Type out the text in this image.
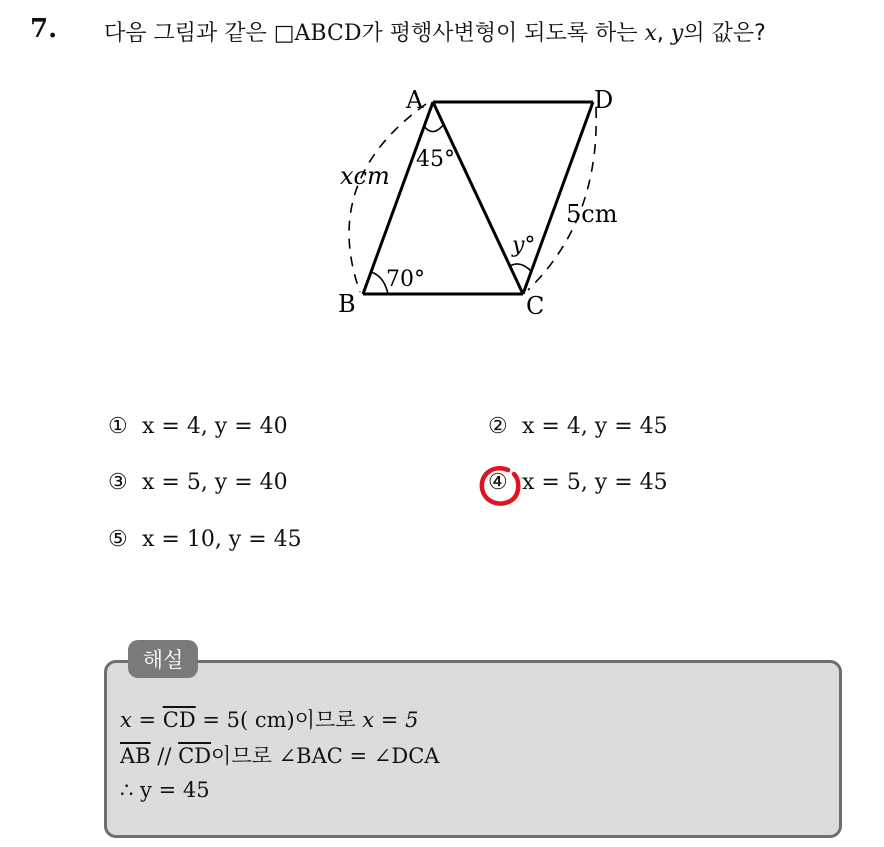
7. 다음 그림과 같은 □ABCD가 평행사변형이 되도록 하는 x, y의 값은?
A	D
B	C
45°
70°
y°
xcm
5cm
① x = 4, y = 40	② x = 4, y = 45
③ x = 5, y = 40	④ x = 5, y = 45
⑤ x = 10, y = 45
해설
$x = \overline{CD} = 5$( cm)이므로 x = 5
$\overline{AB} // \overline{CD}$이므로 ∠BAC = ∠DCA
∴ y = 45
